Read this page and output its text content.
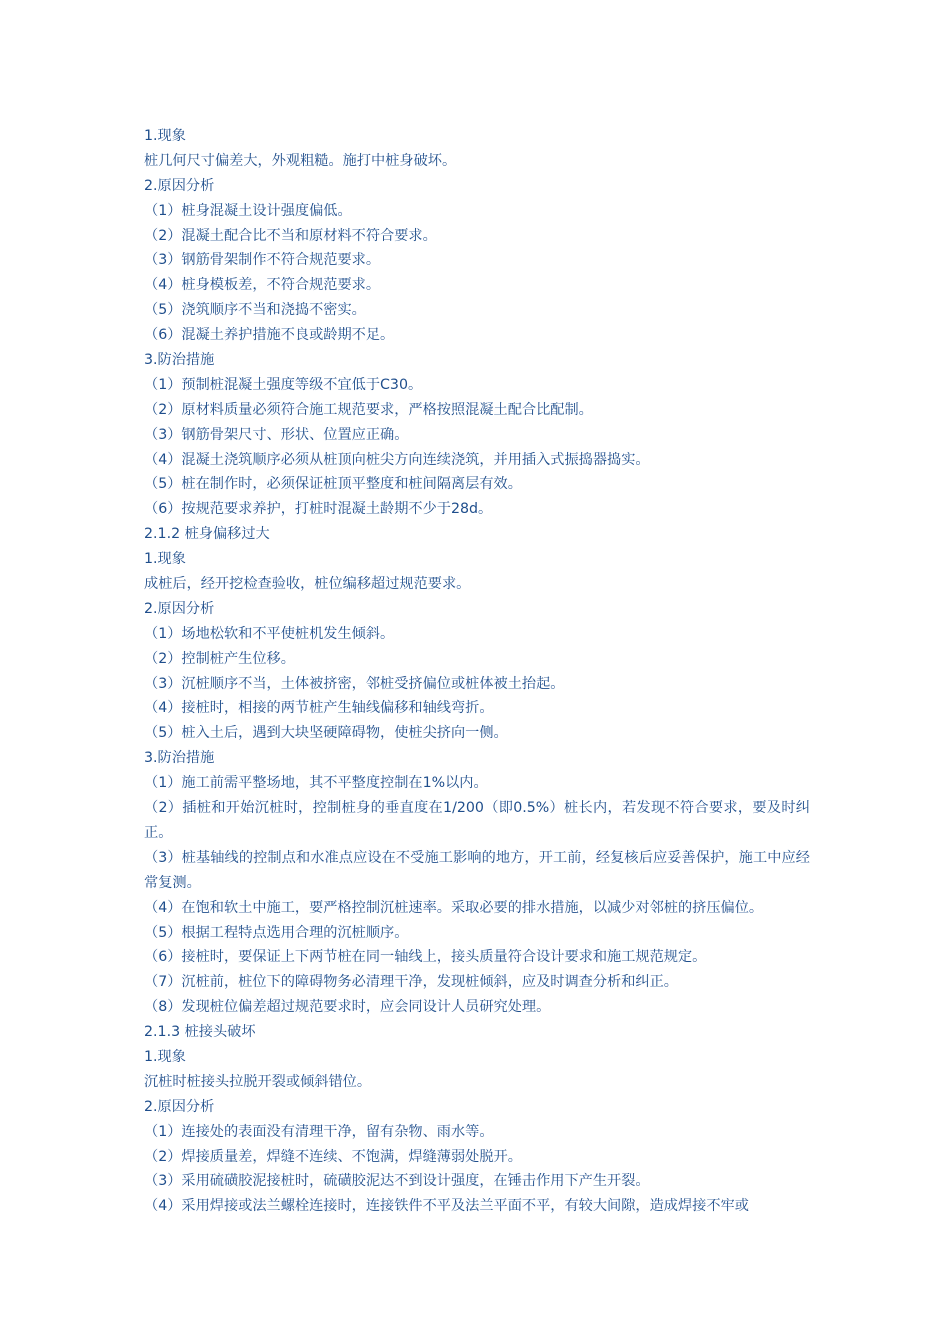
1.现象
桩几何尺寸偏差大，外观粗糙。施打中桩身破坏。
2.原因分析
（1）桩身混凝土设计强度偏低。
（2）混凝土配合比不当和原材料不符合要求。
（3）钢筋骨架制作不符合规范要求。
（4）桩身模板差，不符合规范要求。
（5）浇筑顺序不当和浇捣不密实。
（6）混凝土养护措施不良或龄期不足。
3.防治措施
（1）预制桩混凝土强度等级不宜低于C30。
（2）原材料质量必须符合施工规范要求，严格按照混凝土配合比配制。
（3）钢筋骨架尺寸、形状、位置应正确。
（4）混凝土浇筑顺序必须从桩顶向桩尖方向连续浇筑，并用插入式振捣器捣实。
（5）桩在制作时，必须保证桩顶平整度和桩间隔离层有效。
（6）按规范要求养护，打桩时混凝土龄期不少于28d。
2.1.2 桩身偏移过大
1.现象
成桩后，经开挖检查验收，桩位编移超过规范要求。
2.原因分析
（1）场地松软和不平使桩机发生倾斜。
（2）控制桩产生位移。
（3）沉桩顺序不当，土体被挤密，邻桩受挤偏位或桩体被土抬起。
（4）接桩时，相接的两节桩产生轴线偏移和轴线弯折。
（5）桩入土后，遇到大块坚硬障碍物，使桩尖挤向一侧。
3.防治措施
（1）施工前需平整场地，其不平整度控制在1%以内。
（2）插桩和开始沉桩时，控制桩身的垂直度在1/200（即0.5%）桩长内，若发现不符合要求，要及时纠正。
（3）桩基轴线的控制点和水准点应设在不受施工影响的地方，开工前，经复核后应妥善保护，施工中应经常复测。
（4）在饱和软土中施工，要严格控制沉桩速率。采取必要的排水措施，以减少对邻桩的挤压偏位。
（5）根据工程特点选用合理的沉桩顺序。
（6）接桩时，要保证上下两节桩在同一轴线上，接头质量符合设计要求和施工规范规定。
（7）沉桩前，桩位下的障碍物务必清理干净，发现桩倾斜，应及时调查分析和纠正。
（8）发现桩位偏差超过规范要求时，应会同设计人员研究处理。
2.1.3 桩接头破坏
1.现象
沉桩时桩接头拉脱开裂或倾斜错位。
2.原因分析
（1）连接处的表面没有清理干净，留有杂物、雨水等。
（2）焊接质量差，焊缝不连续、不饱满，焊缝薄弱处脱开。
（3）采用硫磺胶泥接桩时，硫磺胶泥达不到设计强度，在锤击作用下产生开裂。
（4）采用焊接或法兰螺栓连接时，连接铁件不平及法兰平面不平，有较大间隙，造成焊接不牢或
